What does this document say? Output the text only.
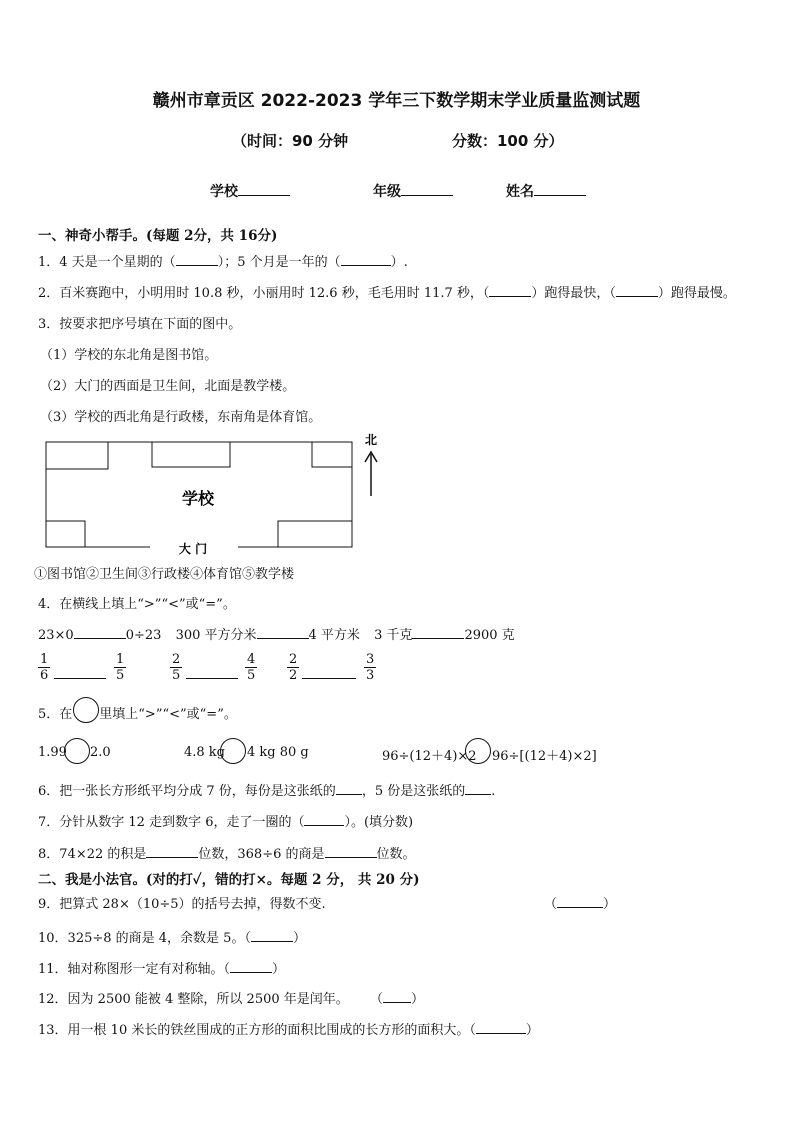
赣州市章贡区 2022-2023 学年三下数学期末学业质量监测试题
（时间：90 分钟	分数：100 分）
学校	年级	姓名
一、神奇小帮手。(每题 2分，共 16分)
1．4 天是一个星期的（	）；5 个月是一年的（	）.
2．百米赛跑中，小明用时 10.8 秒，小丽用时 12.6 秒，毛毛用时 11.7 秒，（	）跑得最快，（	）跑得最慢。
3．按要求把序号填在下面的图中。
（1）学校的东北角是图书馆。
（2）大门的西面是卫生间，北面是教学楼。
（3）学校的西北角是行政楼，东南角是体育馆。
学校
大 门
北
①图书馆②卫生间③行政楼④体育馆⑤教学楼
4．在横线上填上“>”“<”或“=”。
23×0	0÷23 300 平方分米	4 平方米 3 千克	2900 克
$\frac{1}{6}$	$\frac{1}{5}$	$\frac{2}{5}$	$\frac{4}{5} \frac{2}{2}$	$\frac{3}{3}$
5．在 里填上“>”“<”或“=”。
1.99 2.0	4.8 kg 4 kg 80 g	96÷(12＋4)×2 96÷[(12＋4)×2]
6．把一张长方形纸平均分成 7 份，每份是这张纸的 ，5 份是这张纸的 .
7．分针从数字 12 走到数字 6，走了一圈的（	）。(填分数)
8．74×22 的积是	位数，368÷6 的商是	位数。
二、我是小法官。(对的打✓，错的打×。每题 2 分， 共 20 分)
9．把算式 28×（10÷5）的括号去掉，得数不变.	（	）
10．325÷8 的商是 4，余数是 5。（	）
11．轴对称图形一定有对称轴。（	）
12．因为 2500 能被 4 整除，所以 2500 年是闰年。 （ ）
13．用一根 10 米长的铁丝围成的正方形的面积比围成的长方形的面积大。（	）
